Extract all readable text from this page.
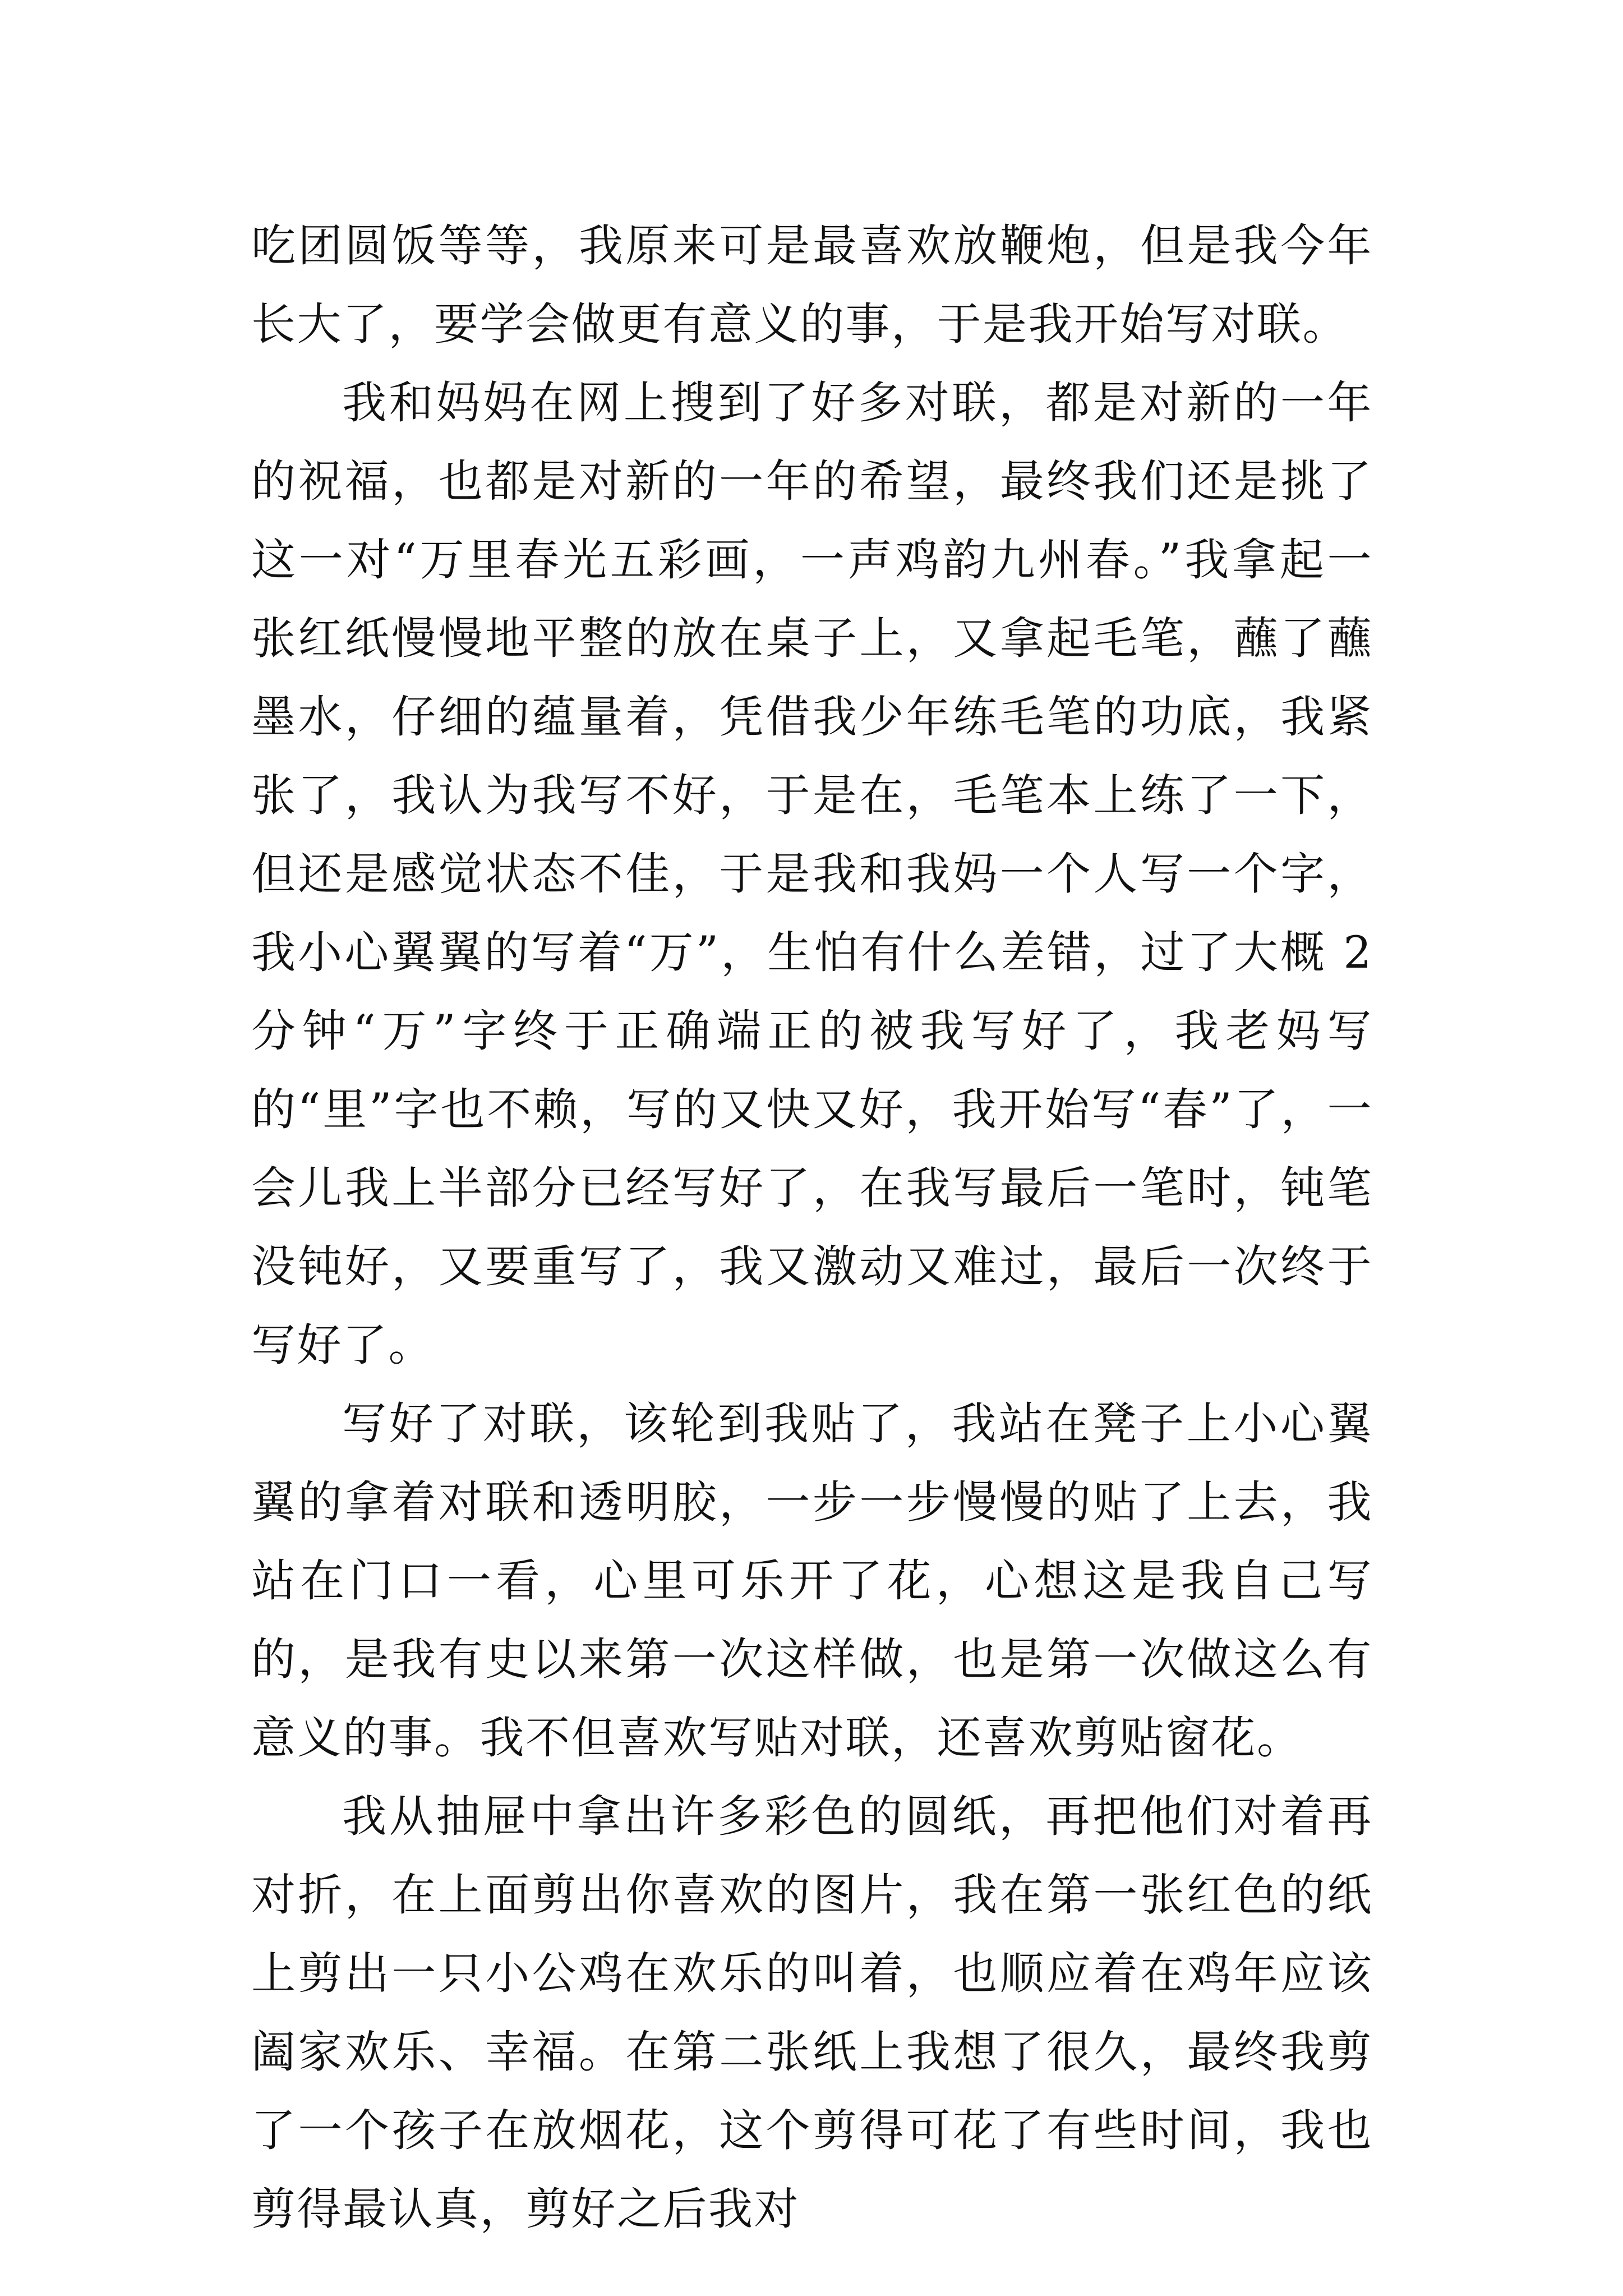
吃团圆饭等等，我原来可是最喜欢放鞭炮，但是我今年长大了，要学会做更有意义的事，于是我开始写对联。

我和妈妈在网上搜到了好多对联，都是对新的一年的祝福，也都是对新的一年的希望，最终我们还是挑了这一对“万里春光五彩画，一声鸡韵九州春。”我拿起一张红纸慢慢地平整的放在桌子上，又拿起毛笔，蘸了蘸墨水，仔细的蕴量着，凭借我少年练毛笔的功底，我紧张了，我认为我写不好，于是在，毛笔本上练了一下，但还是感觉状态不佳，于是我和我妈一个人写一个字，我小心翼翼的写着“万”，生怕有什么差错，过了大概 2 分钟“万”字终于正确端正的被我写好了，我老妈写的“里”字也不赖，写的又快又好，我开始写“春”了，一会儿我上半部分已经写好了，在我写最后一笔时，钝笔没钝好，又要重写了，我又激动又难过，最后一次终于写好了。

写好了对联，该轮到我贴了，我站在凳子上小心翼翼的拿着对联和透明胶，一步一步慢慢的贴了上去，我站在门口一看，心里可乐开了花，心想这是我自己写的，是我有史以来第一次这样做，也是第一次做这么有意义的事。我不但喜欢写贴对联，还喜欢剪贴窗花。

我从抽屉中拿出许多彩色的圆纸，再把他们对着再对折，在上面剪出你喜欢的图片，我在第一张红色的纸上剪出一只小公鸡在欢乐的叫着，也顺应着在鸡年应该阖家欢乐、幸福。在第二张纸上我想了很久，最终我剪了一个孩子在放烟花，这个剪得可花了有些时间，我也剪得最认真，剪好之后我对
